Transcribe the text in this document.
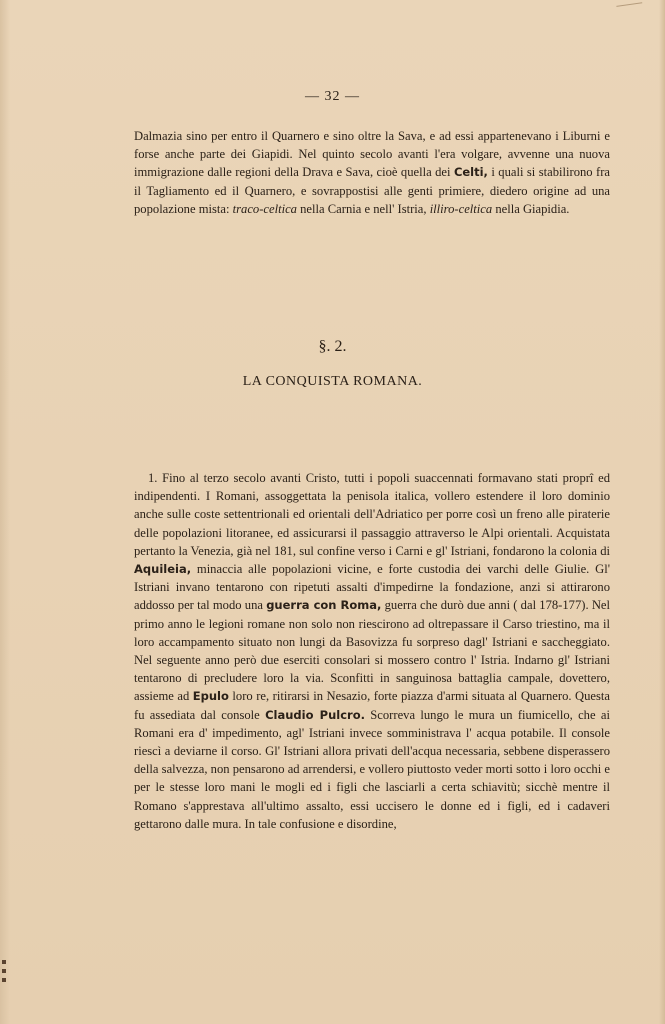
— 32 —

Dalmazia sino per entro il Quarnero e sino oltre la Sava, e ad essi appartenevano i Liburni e forse anche parte dei Giapidi. Nel quinto secolo avanti l'era volgare, avvenne una nuova immigrazione dalle regioni della Drava e Sava, cioè quella dei Celti, i quali si stabilirono fra il Tagliamento ed il Quarnero, e sovrappostisi alle genti primiere, diedero origine ad una popolazione mista: traco-celtica nella Carnia e nell' Istria, illiro-celtica nella Giapidia.

§. 2.
LA CONQUISTA ROMANA.

1. Fino al terzo secolo avanti Cristo, tutti i popoli suaccennati formavano stati proprî ed indipendenti. I Romani, assoggettata la penisola italica, vollero estendere il loro dominio anche sulle coste settentrionali ed orientali dell'Adriatico per porre così un freno alle piraterie delle popolazioni litoranee, ed assicurarsi il passaggio attraverso le Alpi orientali. Acquistata pertanto la Venezia, già nel 181, sul confine verso i Carni e gl' Istriani, fondarono la colonia di Aquileia, minaccia alle popolazioni vicine, e forte custodia dei varchi delle Giulie. Gl' Istriani invano tentarono con ripetuti assalti d'impedirne la fondazione, anzi si attirarono addosso per tal modo una guerra con Roma, guerra che durò due anni ( dal 178-177). Nel primo anno le legioni romane non solo non riescirono ad oltrepassare il Carso triestino, ma il loro accampamento situato non lungi da Basovizza fu sorpreso dagl' Istriani e saccheggiato. Nel seguente anno però due eserciti consolari si mossero contro l' Istria. Indarno gl' Istriani tentarono di precludere loro la via. Sconfitti in sanguinosa battaglia campale, dovettero, assieme ad Epulo loro re, ritirarsi in Nesazio, forte piazza d'armi situata al Quarnero. Questa fu assediata dal console Claudio Pulcro. Scorreva lungo le mura un fiumicello, che ai Romani era d' impedimento, agl' Istriani invece somministrava l' acqua potabile. Il console riescì a deviarne il corso. Gl' Istriani allora privati dell'acqua necessaria, sebbene disperassero della salvezza, non pensarono ad arrendersi, e vollero piuttosto veder morti sotto i loro occhi e per le stesse loro mani le mogli ed i figli che lasciarli a certa schiavitù; sicchè mentre il Romano s'apprestava all'ultimo assalto, essi uccisero le donne ed i figli, ed i cadaveri gettarono dalle mura. In tale confusione e disordine,
